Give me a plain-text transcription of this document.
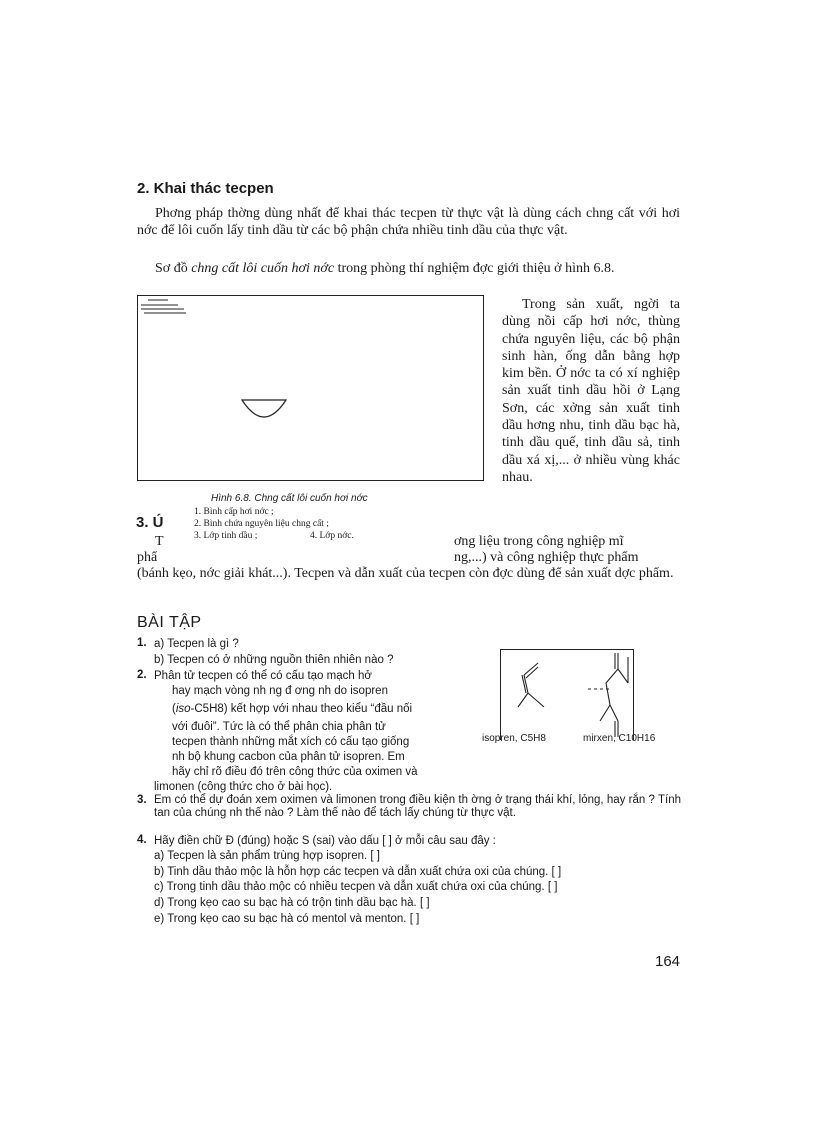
2. Khai thác tecpen
Phơng pháp thờng dùng nhất để khai thác tecpen từ thực vật là dùng cách chng cất với hơi nớc để lôi cuốn lấy tinh dầu từ các bộ phận chứa nhiều tinh dầu của thực vật.
Sơ đồ chng cất lôi cuốn hơi nớc trong phòng thí nghiệm đợc giới thiệu ở hình 6.8.
Trong sản xuất, ngời ta dùng nồi cấp hơi nớc, thùng chứa nguyên liệu, các bộ phận sinh hàn, ống dẫn bằng hợp kim bền. Ở nớc ta có xí nghiệp sản xuất tinh dầu hồi ở Lạng Sơn, các xởng sản xuất tinh dầu hơng nhu, tinh dầu bạc hà, tinh dầu quế, tinh dầu sả, tinh dầu xá xị,... ở nhiều vùng khác nhau.
Hình 6.8. Chng cất lôi cuốn hơi nớc
1. Bình cấp hơi nớc ;
2. Bình chứa nguyên liệu chng cất ;
3. Lớp tinh dầu ;	4. Lớp nớc.
3. Ú
T	ơng liệu trong công nghiệp mĩ
phẩ	ng,...) và công nghiệp thực phẩm
(bánh kẹo, nớc giải khát...). Tecpen và dẫn xuất của tecpen còn đợc dùng để sản xuất dợc phẩm.
BÀI TẬP
1. a) Tecpen là gì ?
b) Tecpen có ở những nguồn thiên nhiên nào ?
2. Phân tử tecpen có thể có cấu tạo mạch hở
hay mạch vòng nh ng đ ơng nh do isopren
(iso-C5H8) kết hợp với nhau theo kiểu “đầu nối
với đuôi”. Tức là có thể phân chia phân tử
tecpen thành những mắt xích có cấu tạo giống
nh bộ khung cacbon của phân tử isopren. Em
hãy chỉ rõ điều đó trên công thức của oximen và
limonen (công thức cho ở bài học).
isopren, C5H8	mirxen, C10H16
3. Em có thể dự đoán xem oximen và limonen trong điều kiện th ờng ở trạng thái khí, lỏng, hay rắn ? Tính tan của chúng nh thế nào ? Làm thế nào để tách lấy chúng từ thực vật.
4. Hãy điền chữ Đ (đúng) hoặc S (sai) vào dấu [ ] ở mỗi câu sau đây :
a) Tecpen là sản phẩm trùng hợp isopren. [ ]
b) Tinh dầu thảo mộc là hỗn hợp các tecpen và dẫn xuất chứa oxi của chúng. [ ]
c) Trong tinh dầu thảo mộc có nhiều tecpen và dẫn xuất chứa oxi của chúng. [ ]
d) Trong kẹo cao su bạc hà có trộn tinh dầu bạc hà. [ ]
e) Trong kẹo cao su bạc hà có mentol và menton. [ ]
164
